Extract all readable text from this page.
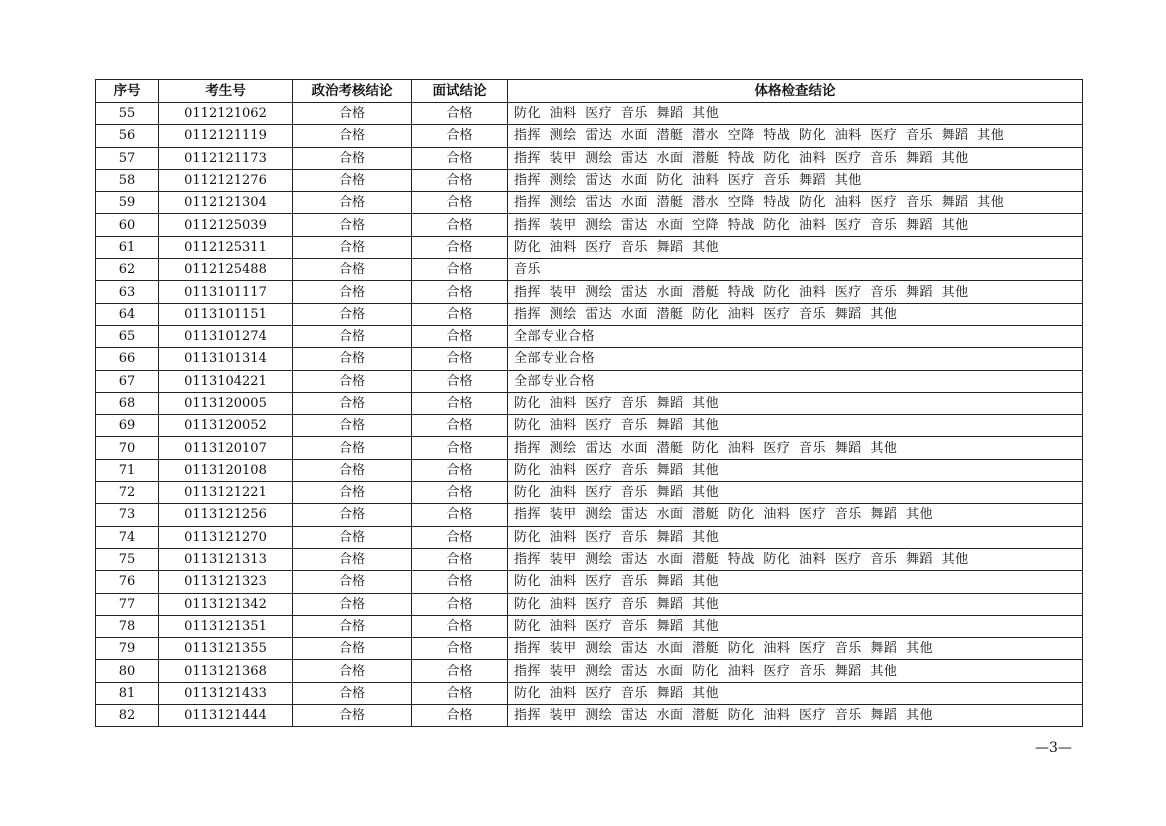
序号	考生号	政治考核结论	面试结论	体格检查结论
55	0112121062	合格	合格	防化 油料 医疗 音乐 舞蹈 其他
56	0112121119	合格	合格	指挥 测绘 雷达 水面 潜艇 潜水 空降 特战 防化 油料 医疗 音乐 舞蹈 其他
57	0112121173	合格	合格	指挥 装甲 测绘 雷达 水面 潜艇 特战 防化 油料 医疗 音乐 舞蹈 其他
58	0112121276	合格	合格	指挥 测绘 雷达 水面 防化 油料 医疗 音乐 舞蹈 其他
59	0112121304	合格	合格	指挥 测绘 雷达 水面 潜艇 潜水 空降 特战 防化 油料 医疗 音乐 舞蹈 其他
60	0112125039	合格	合格	指挥 装甲 测绘 雷达 水面 空降 特战 防化 油料 医疗 音乐 舞蹈 其他
61	0112125311	合格	合格	防化 油料 医疗 音乐 舞蹈 其他
62	0112125488	合格	合格	音乐
63	0113101117	合格	合格	指挥 装甲 测绘 雷达 水面 潜艇 特战 防化 油料 医疗 音乐 舞蹈 其他
64	0113101151	合格	合格	指挥 测绘 雷达 水面 潜艇 防化 油料 医疗 音乐 舞蹈 其他
65	0113101274	合格	合格	全部专业合格
66	0113101314	合格	合格	全部专业合格
67	0113104221	合格	合格	全部专业合格
68	0113120005	合格	合格	防化 油料 医疗 音乐 舞蹈 其他
69	0113120052	合格	合格	防化 油料 医疗 音乐 舞蹈 其他
70	0113120107	合格	合格	指挥 测绘 雷达 水面 潜艇 防化 油料 医疗 音乐 舞蹈 其他
71	0113120108	合格	合格	防化 油料 医疗 音乐 舞蹈 其他
72	0113121221	合格	合格	防化 油料 医疗 音乐 舞蹈 其他
73	0113121256	合格	合格	指挥 装甲 测绘 雷达 水面 潜艇 防化 油料 医疗 音乐 舞蹈 其他
74	0113121270	合格	合格	防化 油料 医疗 音乐 舞蹈 其他
75	0113121313	合格	合格	指挥 装甲 测绘 雷达 水面 潜艇 特战 防化 油料 医疗 音乐 舞蹈 其他
76	0113121323	合格	合格	防化 油料 医疗 音乐 舞蹈 其他
77	0113121342	合格	合格	防化 油料 医疗 音乐 舞蹈 其他
78	0113121351	合格	合格	防化 油料 医疗 音乐 舞蹈 其他
79	0113121355	合格	合格	指挥 装甲 测绘 雷达 水面 潜艇 防化 油料 医疗 音乐 舞蹈 其他
80	0113121368	合格	合格	指挥 装甲 测绘 雷达 水面 防化 油料 医疗 音乐 舞蹈 其他
81	0113121433	合格	合格	防化 油料 医疗 音乐 舞蹈 其他
82	0113121444	合格	合格	指挥 装甲 测绘 雷达 水面 潜艇 防化 油料 医疗 音乐 舞蹈 其他
—3—
